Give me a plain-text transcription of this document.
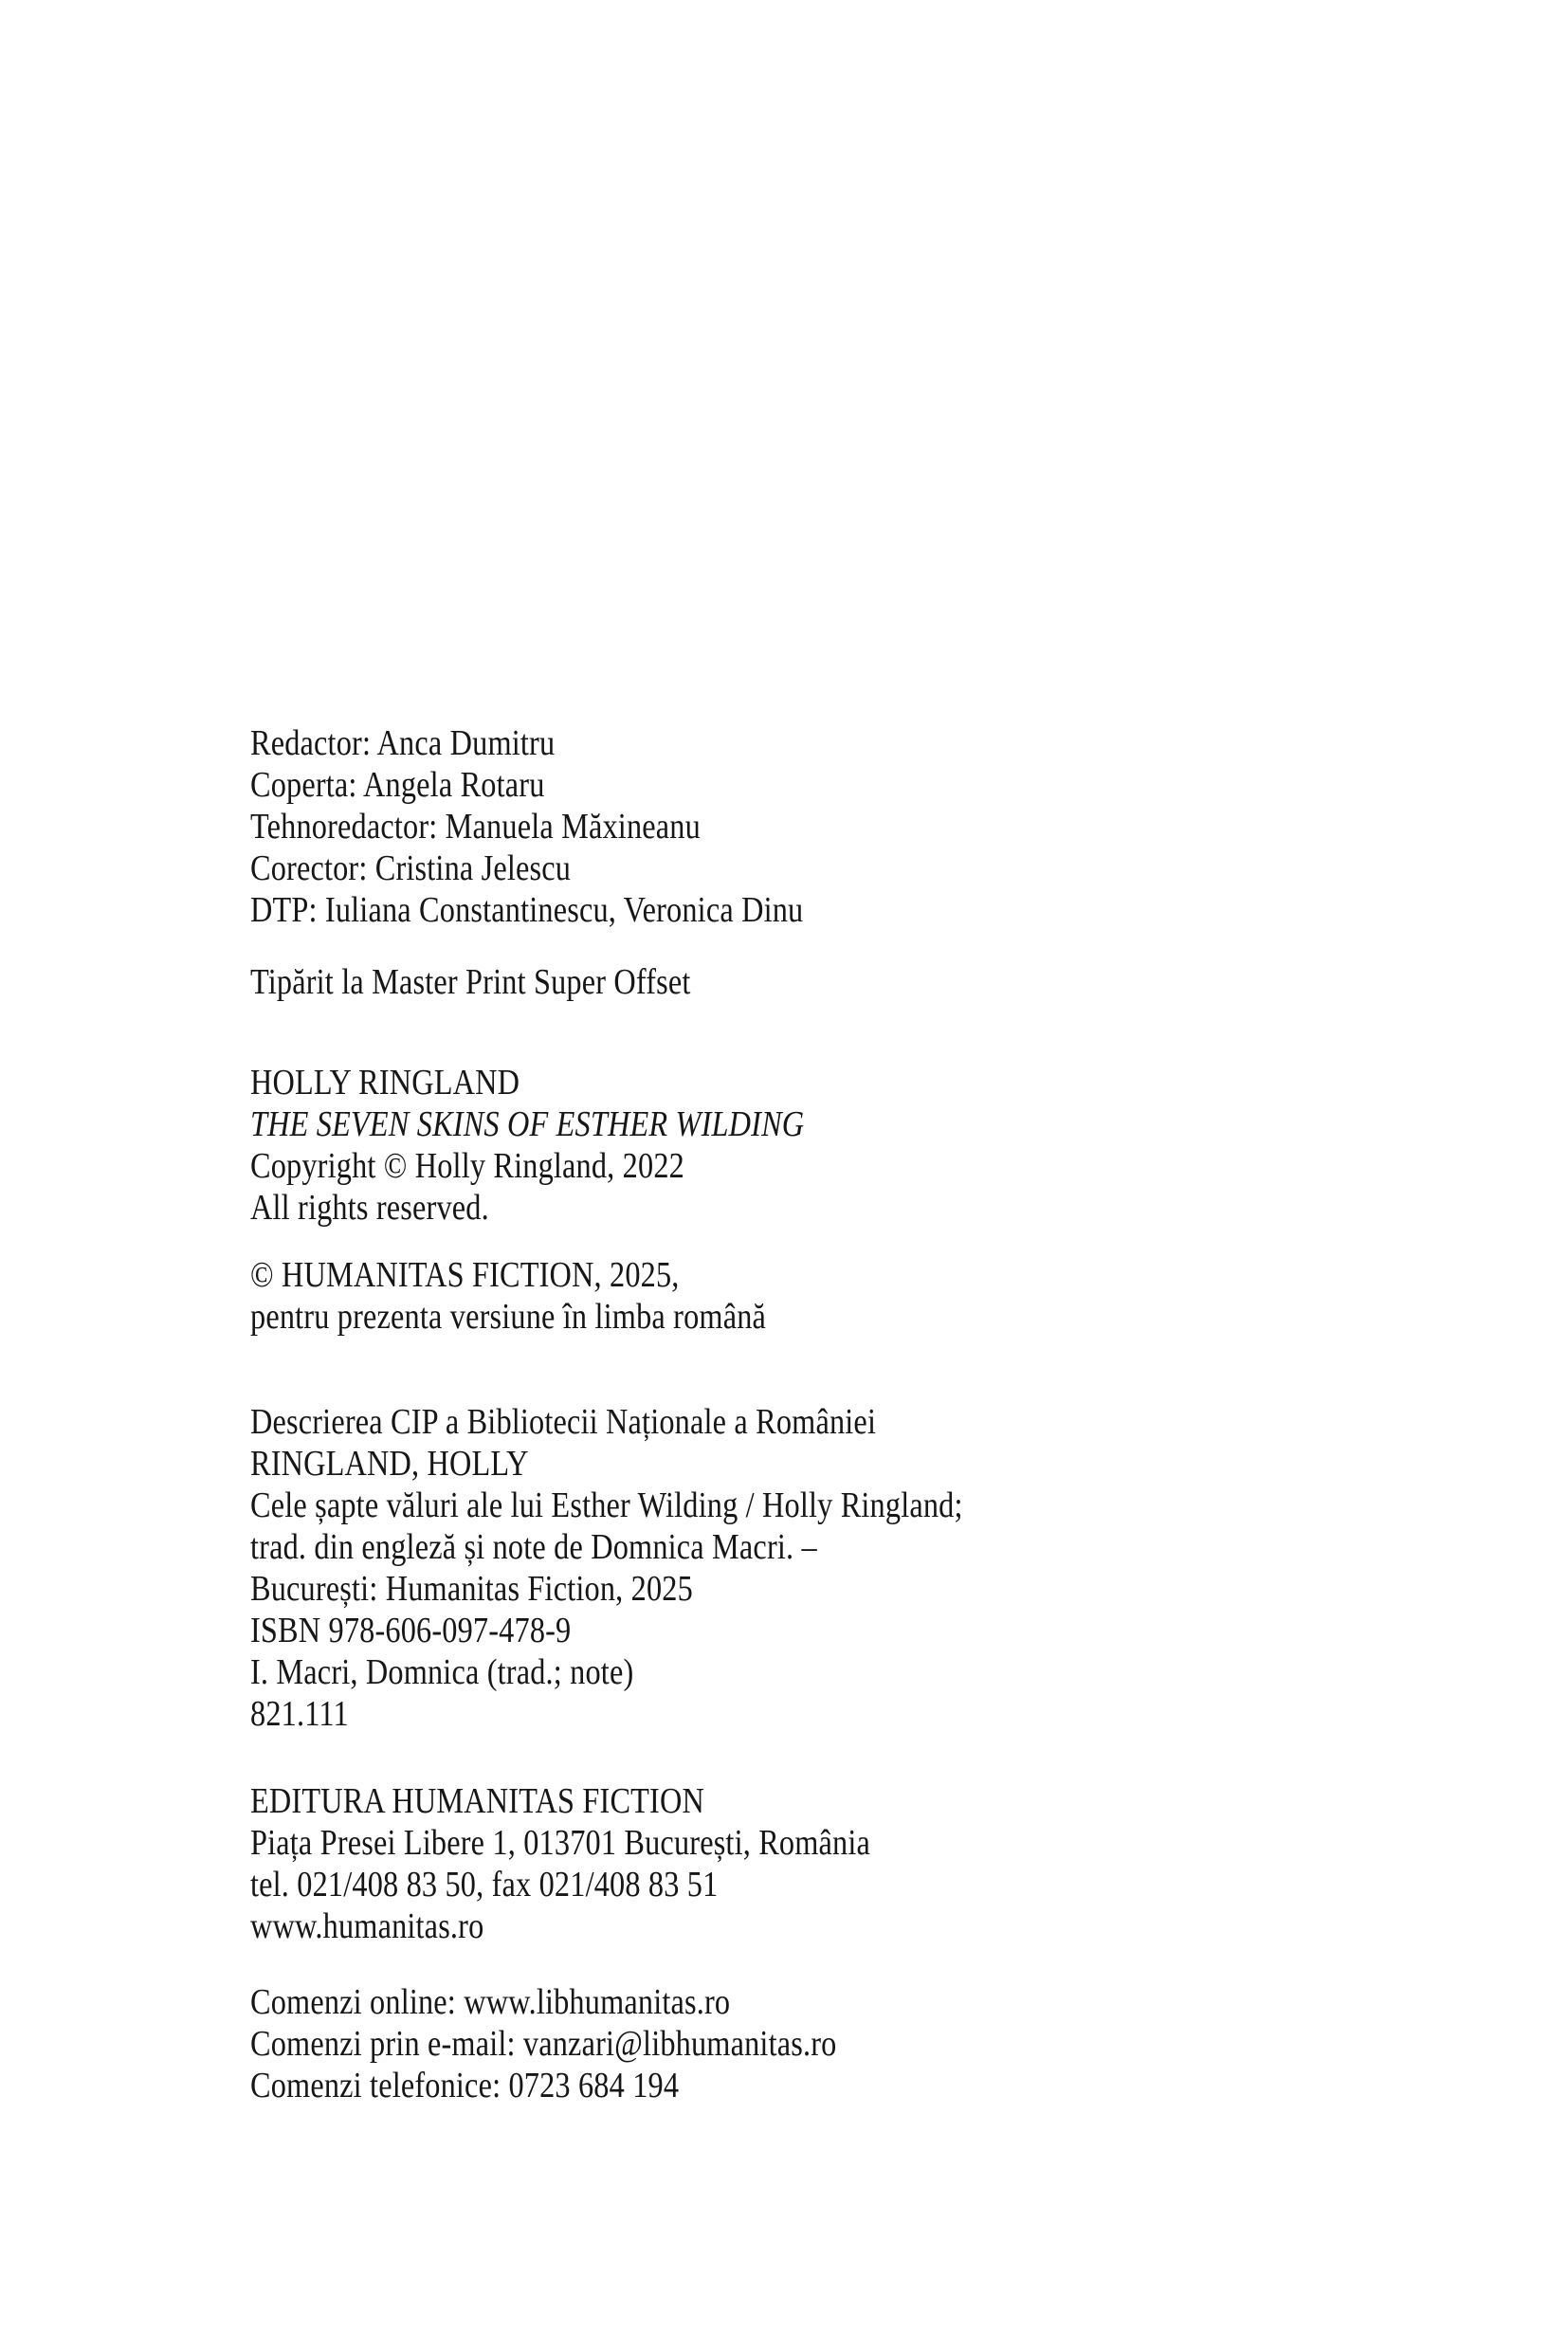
Redactor: Anca Dumitru
Coperta: Angela Rotaru
Tehnoredactor: Manuela Măxineanu
Corector: Cristina Jelescu
DTP: Iuliana Constantinescu, Veronica Dinu
Tipărit la Master Print Super Offset
HOLLY RINGLAND
THE SEVEN SKINS OF ESTHER WILDING
Copyright © Holly Ringland, 2022
All rights reserved.
© HUMANITAS FICTION, 2025,
pentru prezenta versiune în limba română
Descrierea CIP a Bibliotecii Naționale a României
RINGLAND, HOLLY
Cele șapte văluri ale lui Esther Wilding / Holly Ringland;
trad. din engleză și note de Domnica Macri. –
București: Humanitas Fiction, 2025
ISBN 978-606-097-478-9
I. Macri, Domnica (trad.; note)
821.111
EDITURA HUMANITAS FICTION
Piața Presei Libere 1, 013701 București, România
tel. 021/408 83 50, fax 021/408 83 51
www.humanitas.ro
Comenzi online: www.libhumanitas.ro
Comenzi prin e-mail: vanzari@libhumanitas.ro
Comenzi telefonice: 0723 684 194
